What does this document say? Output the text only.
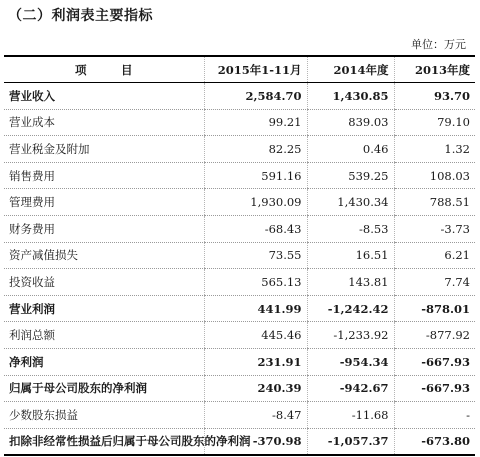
（二）利润表主要指标
单位：万元
项　　　目	2015年1-11月	2014年度	2013年度
营业收入	2,584.70	1,430.85	93.70
营业成本	99.21	839.03	79.10
营业税金及附加	82.25	0.46	1.32
销售费用	591.16	539.25	108.03
管理费用	1,930.09	1,430.34	788.51
财务费用	-68.43	-8.53	-3.73
资产减值损失	73.55	16.51	6.21
投资收益	565.13	143.81	7.74
营业利润	441.99	-1,242.42	-878.01
利润总额	445.46	-1,233.92	-877.92
净利润	231.91	-954.34	-667.93
归属于母公司股东的净利润	240.39	-942.67	-667.93
少数股东损益	-8.47	-11.68	-
扣除非经常性损益后归属于母公司股东的净利润	-370.98	-1,057.37	-673.80
